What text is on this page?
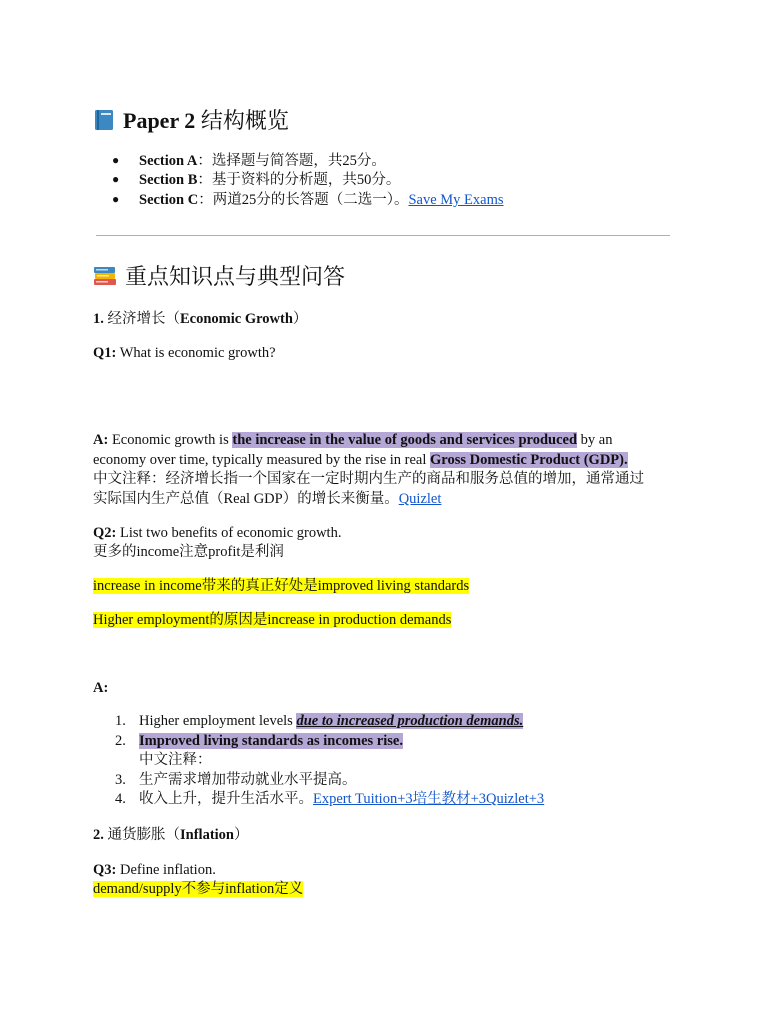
Paper 2 结构概览
● Section A：选择题与简答题，共25分。
● Section B：基于资料的分析题，共50分。
● Section C：两道25分的长答题（二选一）。Save My Exams
重点知识点与典型问答
1. 经济增长（Economic Growth）
Q1: What is economic growth?
A: Economic growth is the increase in the value of goods and services produced by an
economy over time, typically measured by the rise in real Gross Domestic Product (GDP).
中文注释：经济增长指一个国家在一定时期内生产的商品和服务总值的增加，通常通过
实际国内生产总值（Real GDP）的增长来衡量。Quizlet
Q2: List two benefits of economic growth.
更多的income注意profit是利润
increase in income带来的真正好处是improved living standards
Higher employment的原因是increase in production demands
A:
1. Higher employment levels due to increased production demands.
2. Improved living standards as incomes rise.
中文注释：
3. 生产需求增加带动就业水平提高。
4. 收入上升，提升生活水平。Expert Tuition+3培生教材+3Quizlet+3
2. 通货膨胀（Inflation）
Q3: Define inflation.
demand/supply不参与inflation定义
